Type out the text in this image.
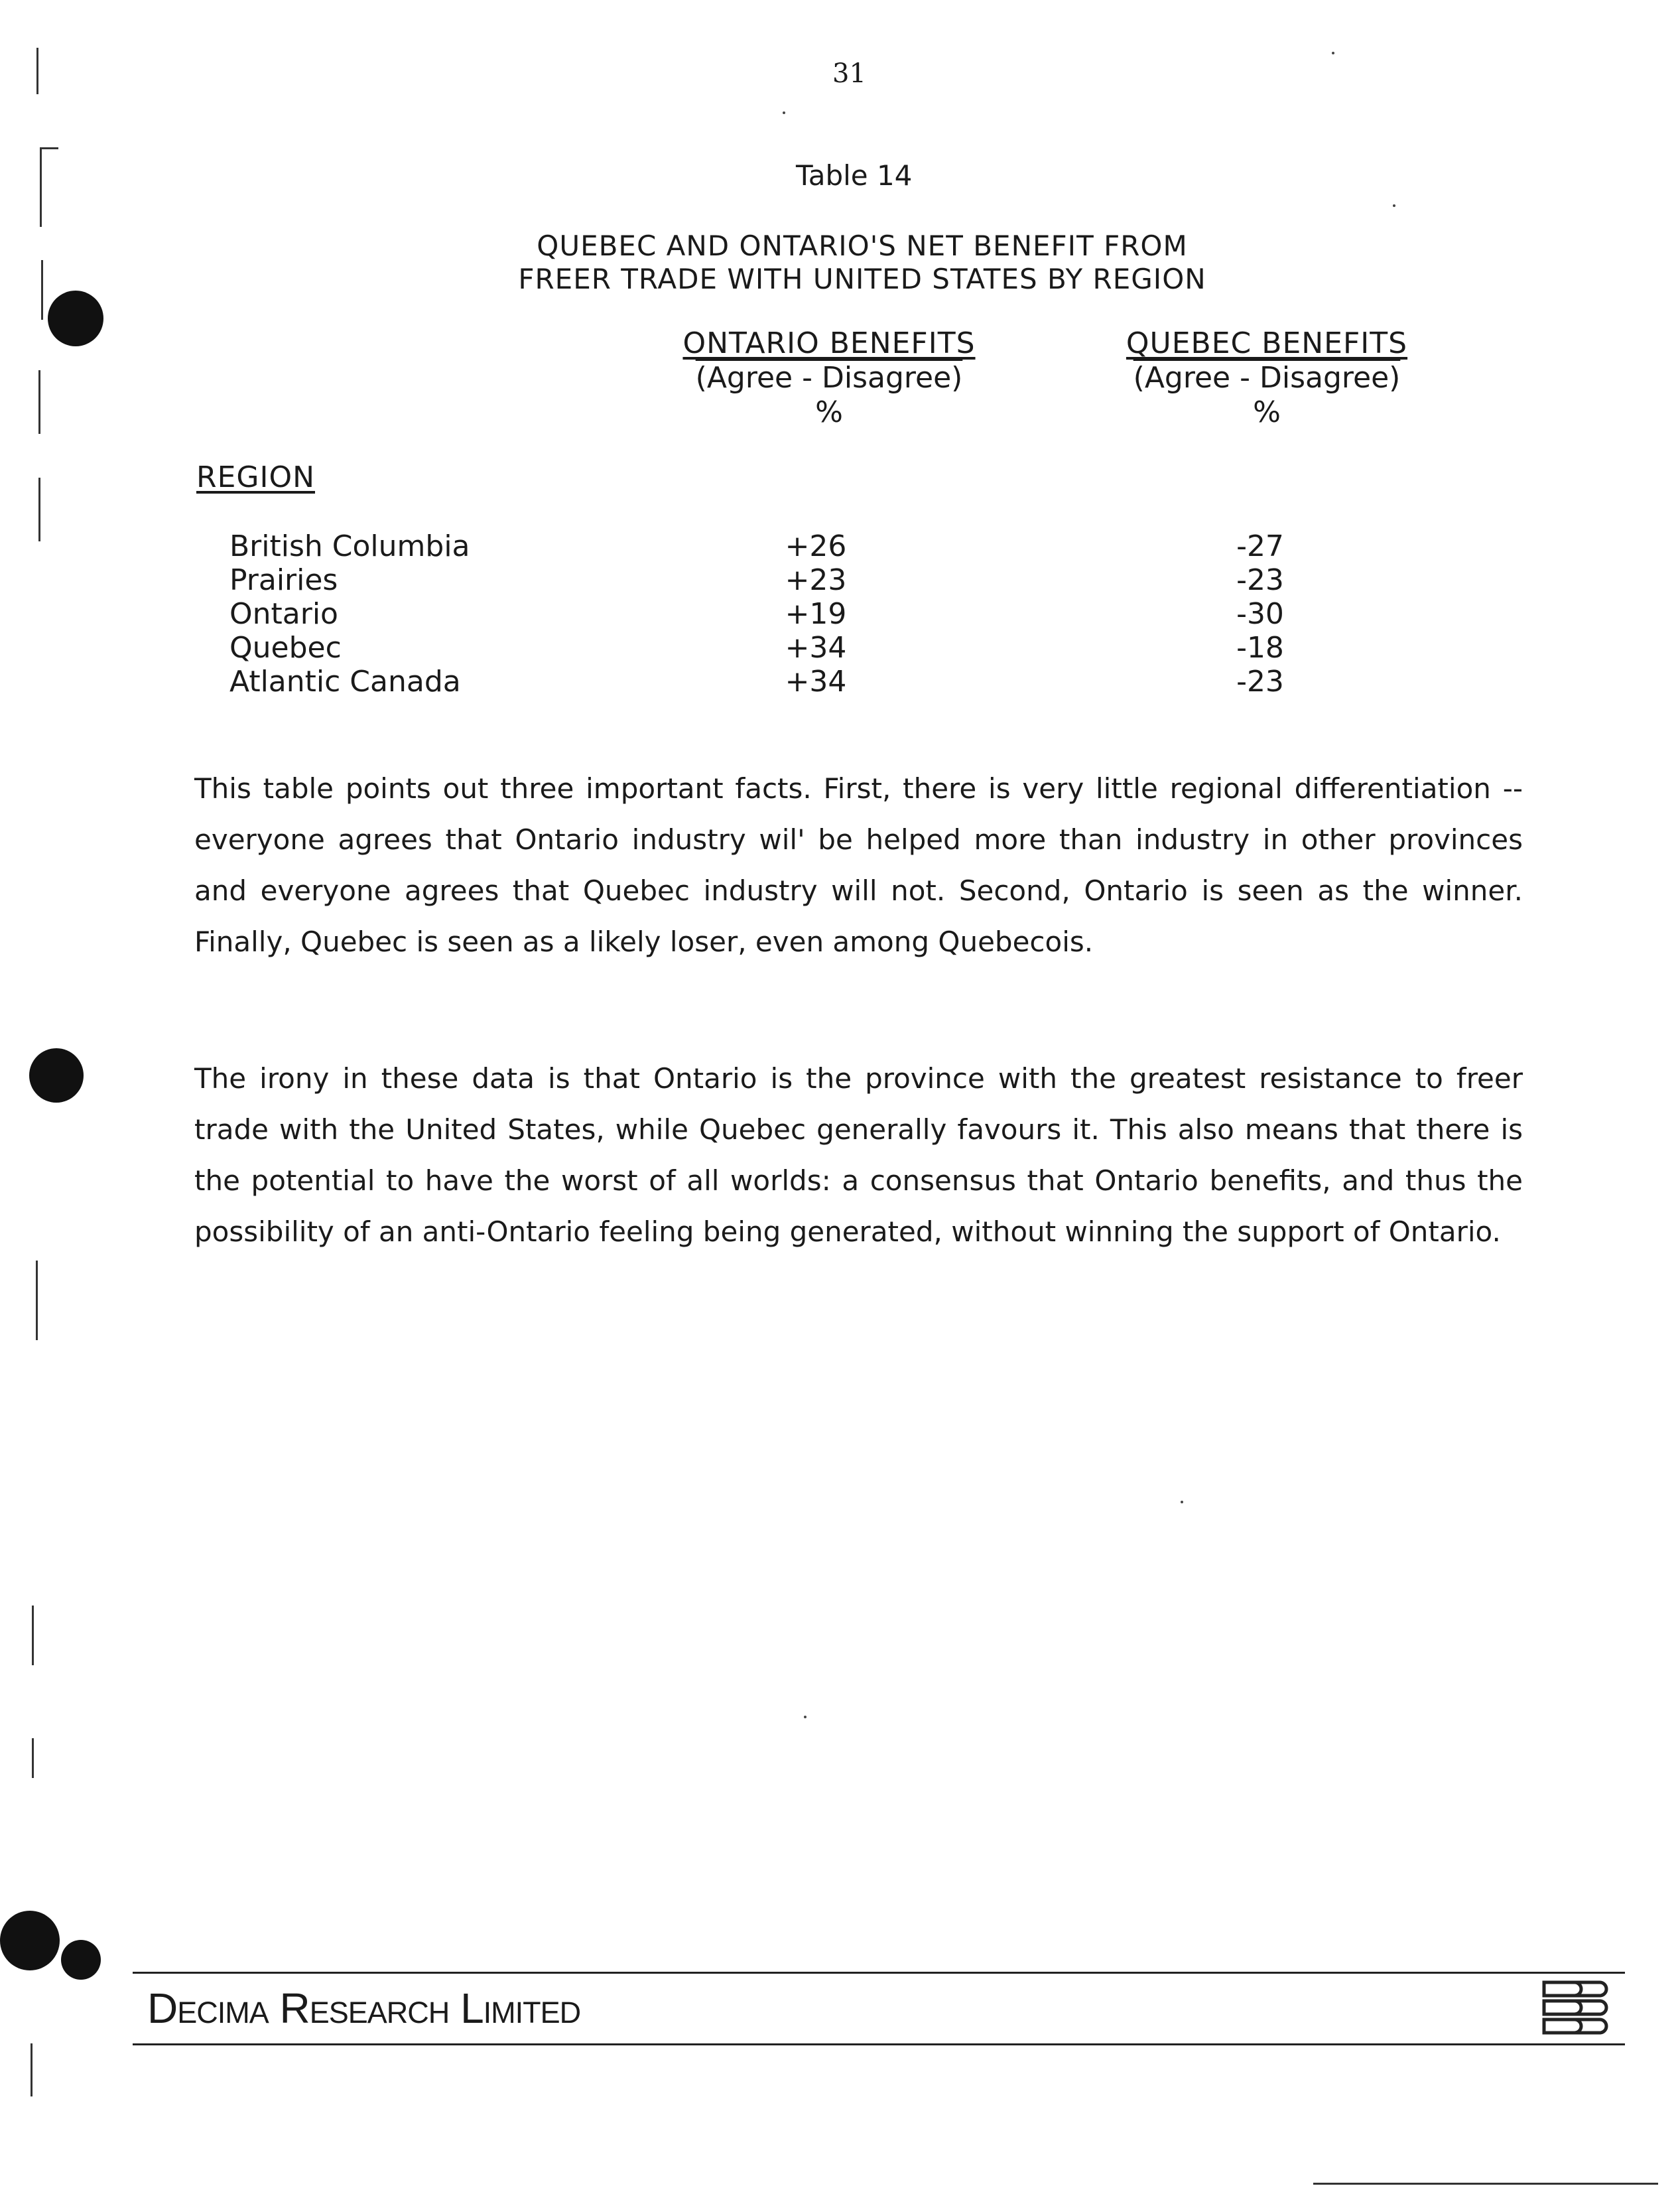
31
Table 14
QUEBEC AND ONTARIO'S NET BENEFIT FROM
FREER TRADE WITH UNITED STATES BY REGION
ONTARIO BENEFITS
(Agree - Disagree)
%
QUEBEC BENEFITS
(Agree - Disagree)
%
REGION
British Columbia	+26	-27
Prairies	+23	-23
Ontario	+19	-30
Quebec	+34	-18
Atlantic Canada	+34	-23

This table points out three important facts. First, there is very little regional differentiation -- everyone agrees that Ontario industry wil' be helped more than industry in other provinces and everyone agrees that Quebec industry will not. Second, Ontario is seen as the winner. Finally, Quebec is seen as a likely loser, even among Quebecois.

The irony in these data is that Ontario is the province with the greatest resistance to freer trade with the United States, while Quebec generally favours it. This also means that there is the potential to have the worst of all worlds: a consensus that Ontario benefits, and thus the possibility of an anti-Ontario feeling being generated, without winning the support of Ontario.

Decima Research Limited
